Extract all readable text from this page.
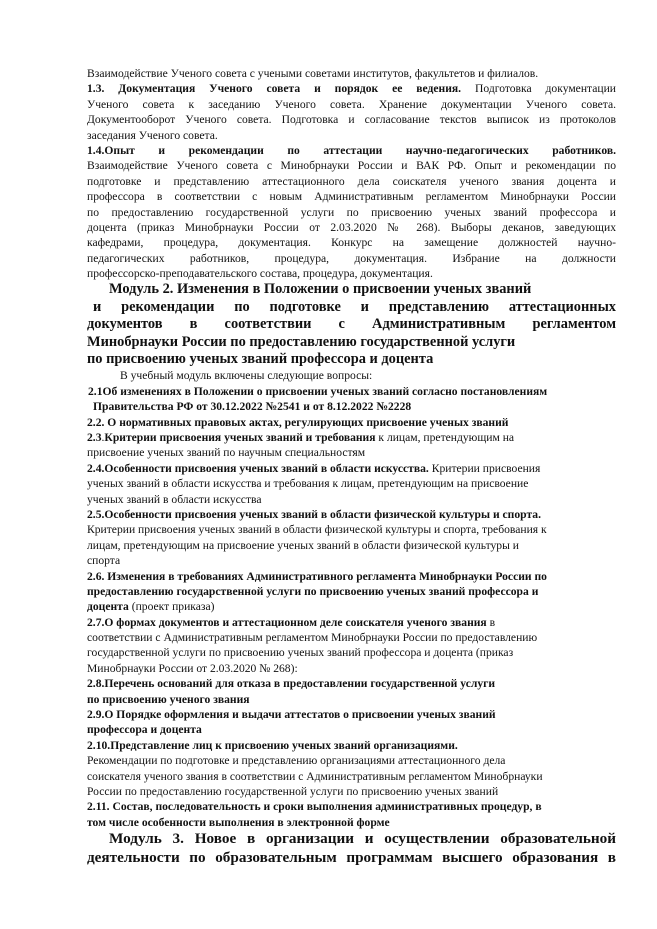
Взаимодействие Ученого совета с учеными советами институтов, факультетов и филиалов.
1.3. Документация Ученого совета и порядок ее ведения. Подготовка документации
Ученого совета к заседанию Ученого совета. Хранение документации Ученого совета.
Документооборот Ученого совета. Подготовка и согласование текстов выписок из протоколов
заседания Ученого совета.
1.4.Опыт и рекомендации по аттестации научно-педагогических работников.
Взаимодействие Ученого совета с Минобрнауки России и ВАК РФ. Опыт и рекомендации по
подготовке и представлению аттестационного дела соискателя ученого звания доцента и
профессора в соответствии с новым Административным регламентом Минобрнауки России
по предоставлению государственной услуги по присвоению ученых званий профессора и
доцента (приказ Минобрнауки России от 2.03.2020 № 268). Выборы деканов, заведующих
кафедрами, процедура, документация. Конкурс на замещение должностей научно-
педагогических работников, процедура, документация. Избрание на должности
профессорско-преподавательского состава, процедура, документация.
Модуль 2. Изменения в Положении о присвоении ученых званий
и рекомендации по подготовке и представлению аттестационных
документов в соответствии с Административным регламентом
Минобрнауки России по предоставлению государственной услуги
по присвоению ученых званий профессора и доцента
В учебный модуль включены следующие вопросы:
2.1Об изменениях в Положении о присвоении ученых званий согласно постановлениям
Правительства РФ от 30.12.2022 №2541 и от 8.12.2022 №2228
2.2. О нормативных правовых актах, регулирующих присвоение ученых званий
2.3.Критерии присвоения ученых званий и требования к лицам, претендующим на
присвоение ученых званий по научным специальностям
2.4.Особенности присвоения ученых званий в области искусства. Критерии присвоения
ученых званий в области искусства и требования к лицам, претендующим на присвоение
ученых званий в области искусства
2.5.Особенности присвоения ученых званий в области физической культуры и спорта.
Критерии присвоения ученых званий в области физической культуры и спорта, требования к
лицам, претендующим на присвоение ученых званий в области физической культуры и
спорта
2.6. Изменения в требованиях Административного регламента Минобрнауки России по
предоставлению государственной услуги по присвоению ученых званий профессора и
доцента (проект приказа)
2.7.О формах документов и аттестационном деле соискателя ученого звания в
соответствии с Административным регламентом Минобрнауки России по предоставлению
государственной услуги по присвоению ученых званий профессора и доцента (приказ
Минобрнауки России от 2.03.2020 № 268):
2.8.Перечень оснований для отказа в предоставлении государственной услуги
по присвоению ученого звания
2.9.О Порядке оформления и выдачи аттестатов о присвоении ученых званий
профессора и доцента
2.10.Представление лиц к присвоению ученых званий организациями.
Рекомендации по подготовке и представлению организациями аттестационного дела
соискателя ученого звания в соответствии с Административным регламентом Минобрнауки
России по предоставлению государственной услуги по присвоению ученых званий
2.11. Состав, последовательность и сроки выполнения административных процедур, в
том числе особенности выполнения в электронной форме
Модуль 3. Новое в организации и осуществлении образовательной
деятельности по образовательным программам высшего образования в
